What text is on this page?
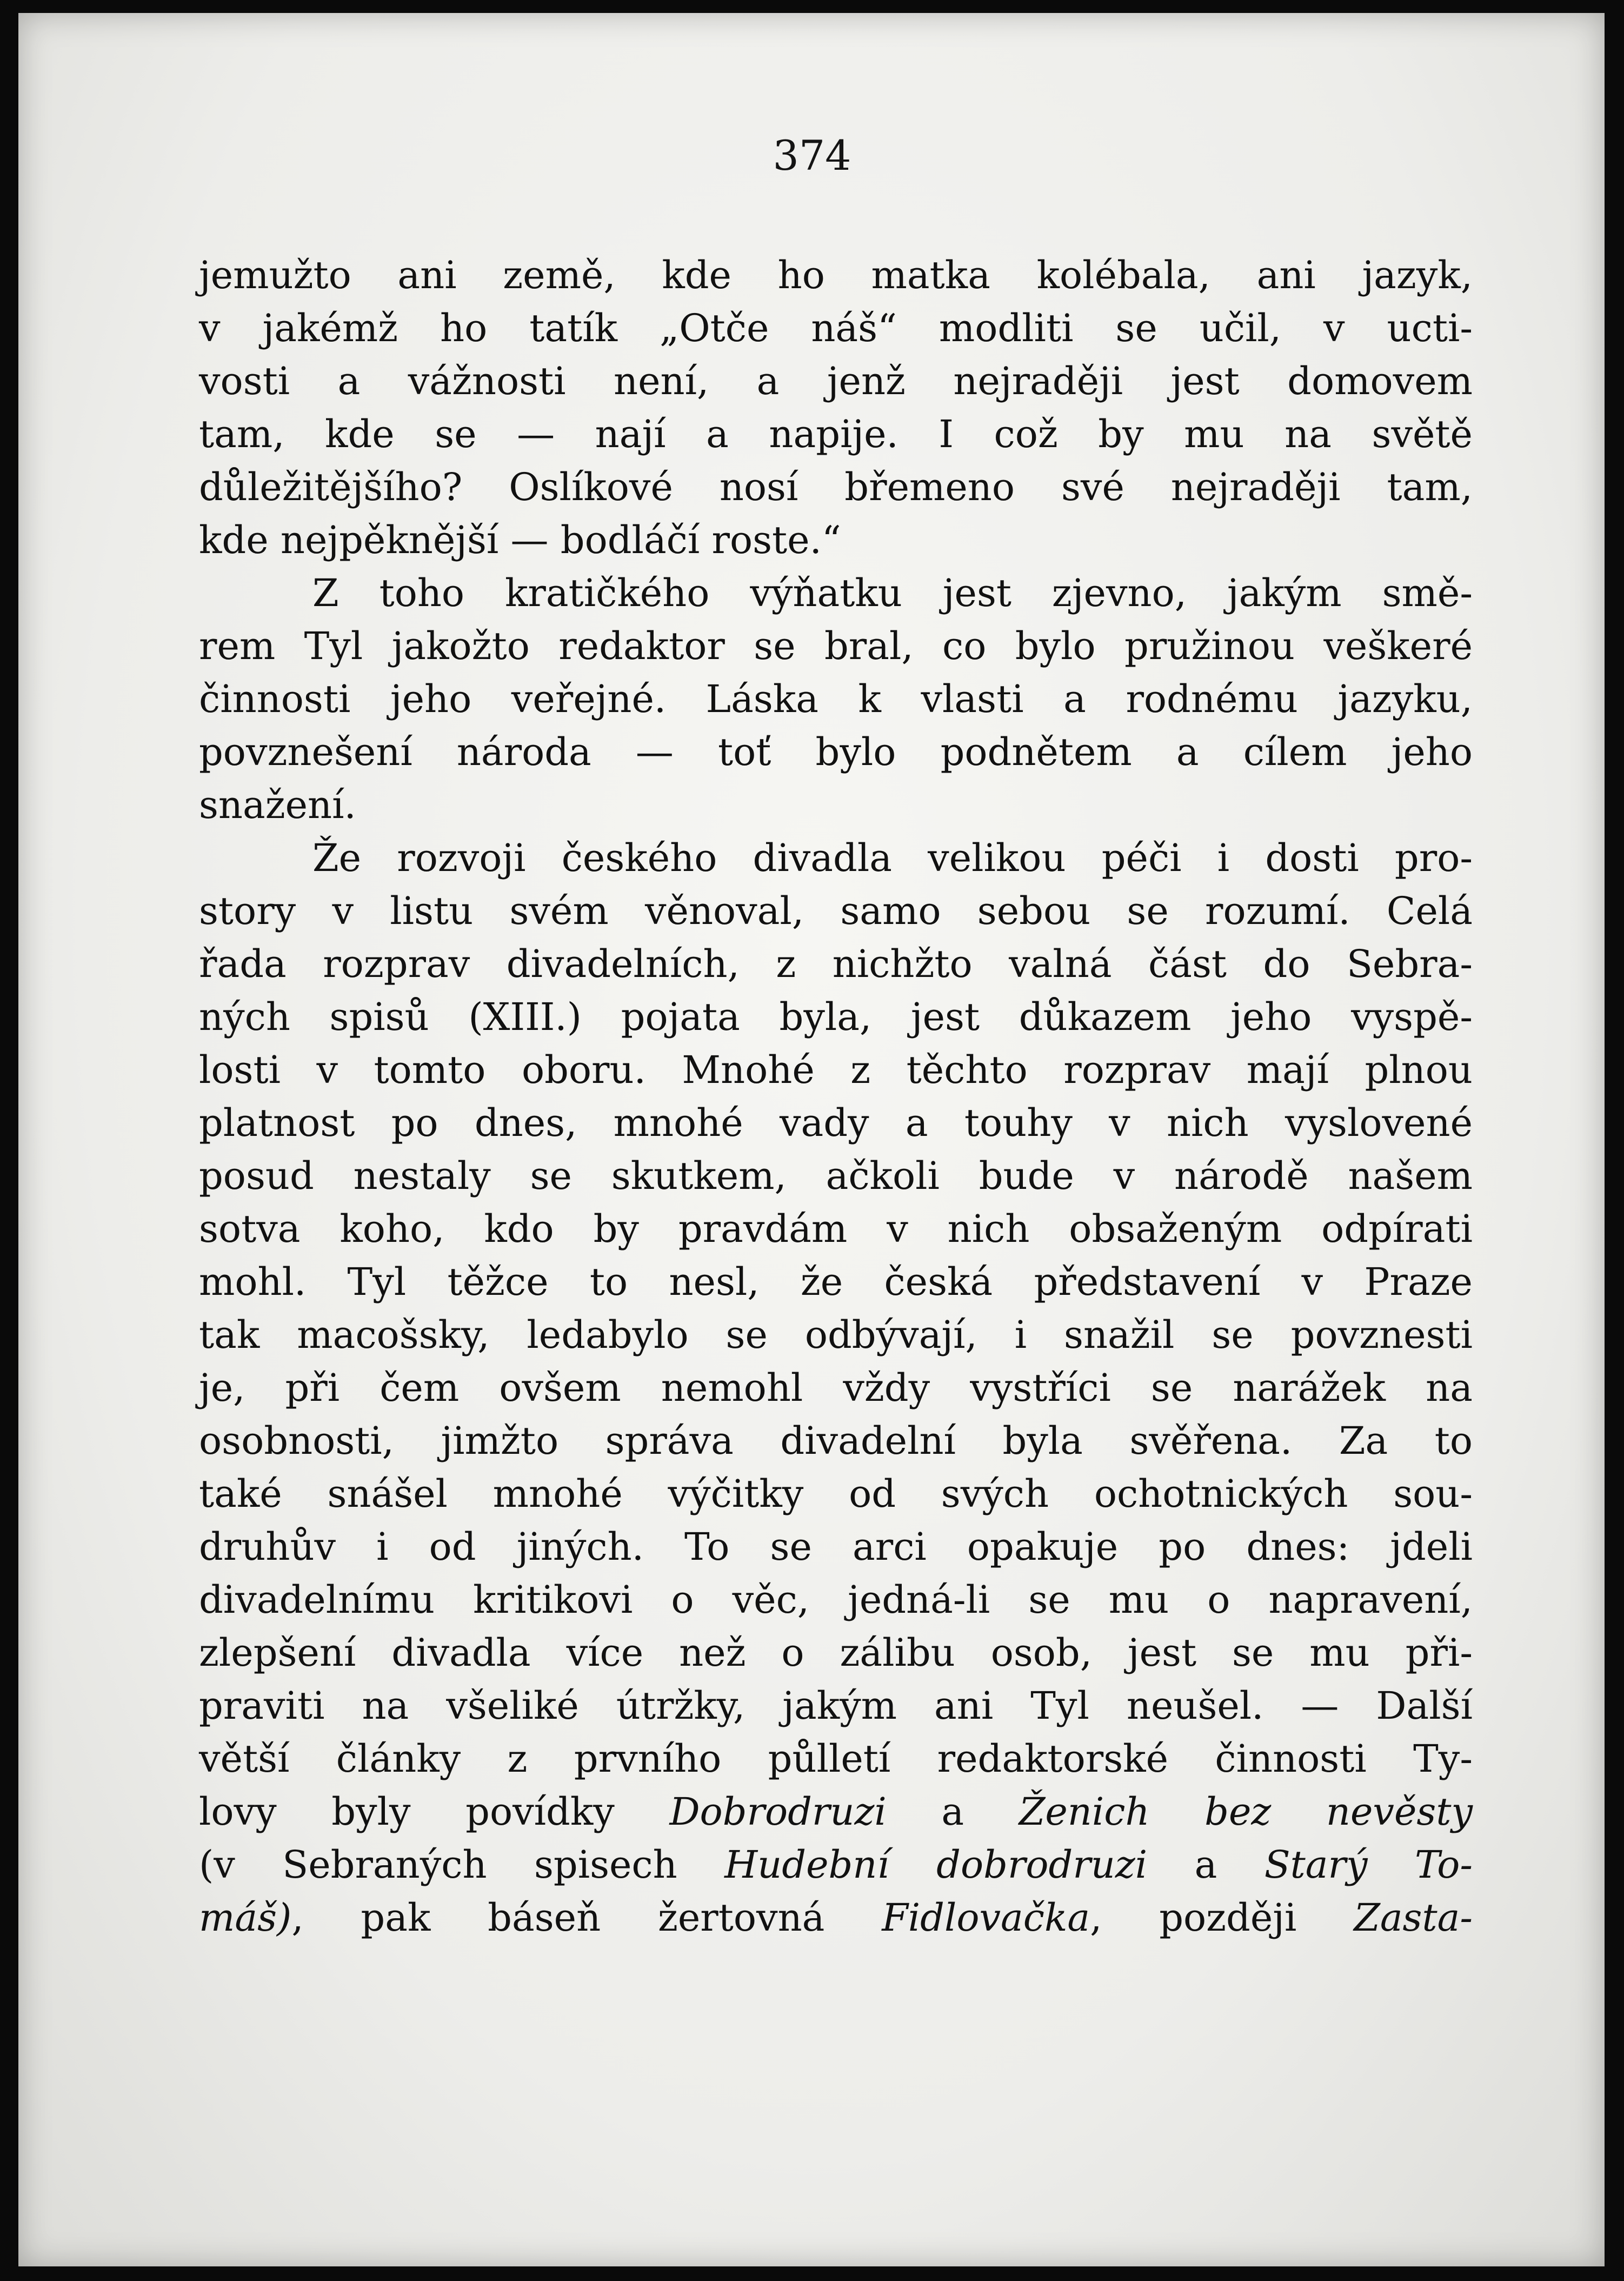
374
jemužto ani země, kde ho matka kolébala, ani jazyk,
v jakémž ho tatík „Otče náš“ modliti se učil, v ucti-
vosti a vážnosti není, a jenž nejraději jest domovem
tam, kde se — nají a napije. I což by mu na světě
důležitějšího? Oslíkové nosí břemeno své nejraději tam,
kde nejpěknější — bodláčí roste.“
Z toho kratičkého výňatku jest zjevno, jakým smě-
rem Tyl jakožto redaktor se bral, co bylo pružinou veškeré
činnosti jeho veřejné. Láska k vlasti a rodnému jazyku,
povznešení národa — toť bylo podnětem a cílem jeho
snažení.
Že rozvoji českého divadla velikou péči i dosti pro-
story v listu svém věnoval, samo sebou se rozumí. Celá
řada rozprav divadelních, z nichžto valná část do Sebra-
ných spisů (XIII.) pojata byla, jest důkazem jeho vyspě-
losti v tomto oboru. Mnohé z těchto rozprav mají plnou
platnost po dnes, mnohé vady a touhy v nich vyslovené
posud nestaly se skutkem, ačkoli bude v národě našem
sotva koho, kdo by pravdám v nich obsaženým odpírati
mohl. Tyl těžce to nesl, že česká představení v Praze
tak macošsky, ledabylo se odbývají, i snažil se povznesti
je, při čem ovšem nemohl vždy vystříci se narážek na
osobnosti, jimžto správa divadelní byla svěřena. Za to
také snášel mnohé výčitky od svých ochotnických sou-
druhův i od jiných. To se arci opakuje po dnes: jdeli
divadelnímu kritikovi o věc, jedná-li se mu o napravení,
zlepšení divadla více než o zálibu osob, jest se mu při-
praviti na všeliké útržky, jakým ani Tyl neušel. — Další
větší články z prvního půlletí redaktorské činnosti Ty-
lovy byly povídky Dobrodruzi a Ženich bez nevěsty
(v Sebraných spisech Hudební dobrodruzi a Starý To-
máš), pak báseň žertovná Fidlovačka, později Zasta-
